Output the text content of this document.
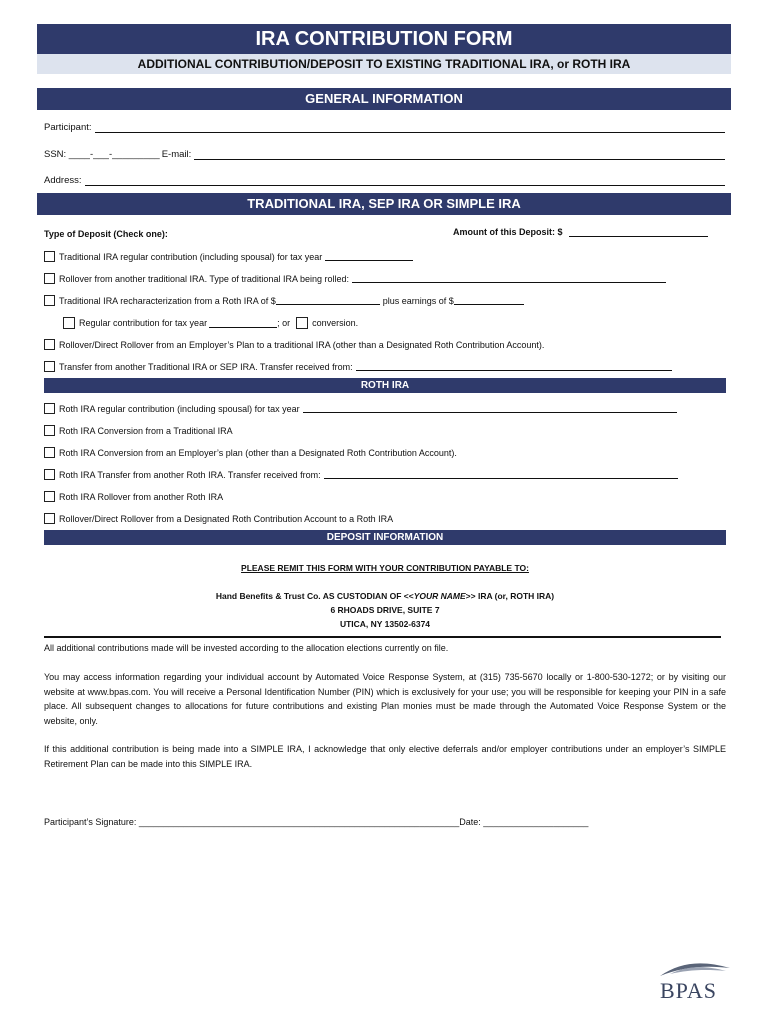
IRA CONTRIBUTION FORM
ADDITIONAL CONTRIBUTION/DEPOSIT TO EXISTING TRADITIONAL IRA, or ROTH IRA
GENERAL INFORMATION
Participant:
SSN: ____-___-_________ E-mail:
Address:
TRADITIONAL IRA, SEP IRA OR SIMPLE IRA
Type of Deposit (Check one):	Amount of this Deposit: $
Traditional IRA regular contribution (including spousal) for tax year
Rollover from another traditional IRA. Type of traditional IRA being rolled:
Traditional IRA recharacterization from a Roth IRA of $	plus earnings of $
Regular contribution for tax year	; or conversion.
Rollover/Direct Rollover from an Employer’s Plan to a traditional IRA (other than a Designated Roth Contribution Account).
Transfer from another Traditional IRA or SEP IRA. Transfer received from:
ROTH IRA
Roth IRA regular contribution (including spousal) for tax year
Roth IRA Conversion from a Traditional IRA
Roth IRA Conversion from an Employer’s plan (other than a Designated Roth Contribution Account).
Roth IRA Transfer from another Roth IRA. Transfer received from:
Roth IRA Rollover from another Roth IRA
Rollover/Direct Rollover from a Designated Roth Contribution Account to a Roth IRA
DEPOSIT INFORMATION
PLEASE REMIT THIS FORM WITH YOUR CONTRIBUTION PAYABLE TO:
Hand Benefits & Trust Co. AS CUSTODIAN OF <<YOUR NAME>> IRA (or, ROTH IRA)
6 RHOADS DRIVE, SUITE 7
UTICA, NY 13502-6374
All additional contributions made will be invested according to the allocation elections currently on file.
You may access information regarding your individual account by Automated Voice Response System, at (315) 735-5670 locally or 1-800-530-1272; or by visiting our website at www.bpas.com. You will receive a Personal Identification Number (PIN) which is exclusively for your use; you will be responsible for keeping your PIN in a safe place. All subsequent changes to allocations for future contributions and existing Plan monies must be made through the Automated Voice Response System or the website, only.
If this additional contribution is being made into a SIMPLE IRA, I acknowledge that only elective deferrals and/or employer contributions under an employer’s SIMPLE Retirement Plan can be made into this SIMPLE IRA.
Participant’s Signature: ________________________________________________________________Date: _____________________
BPAS
